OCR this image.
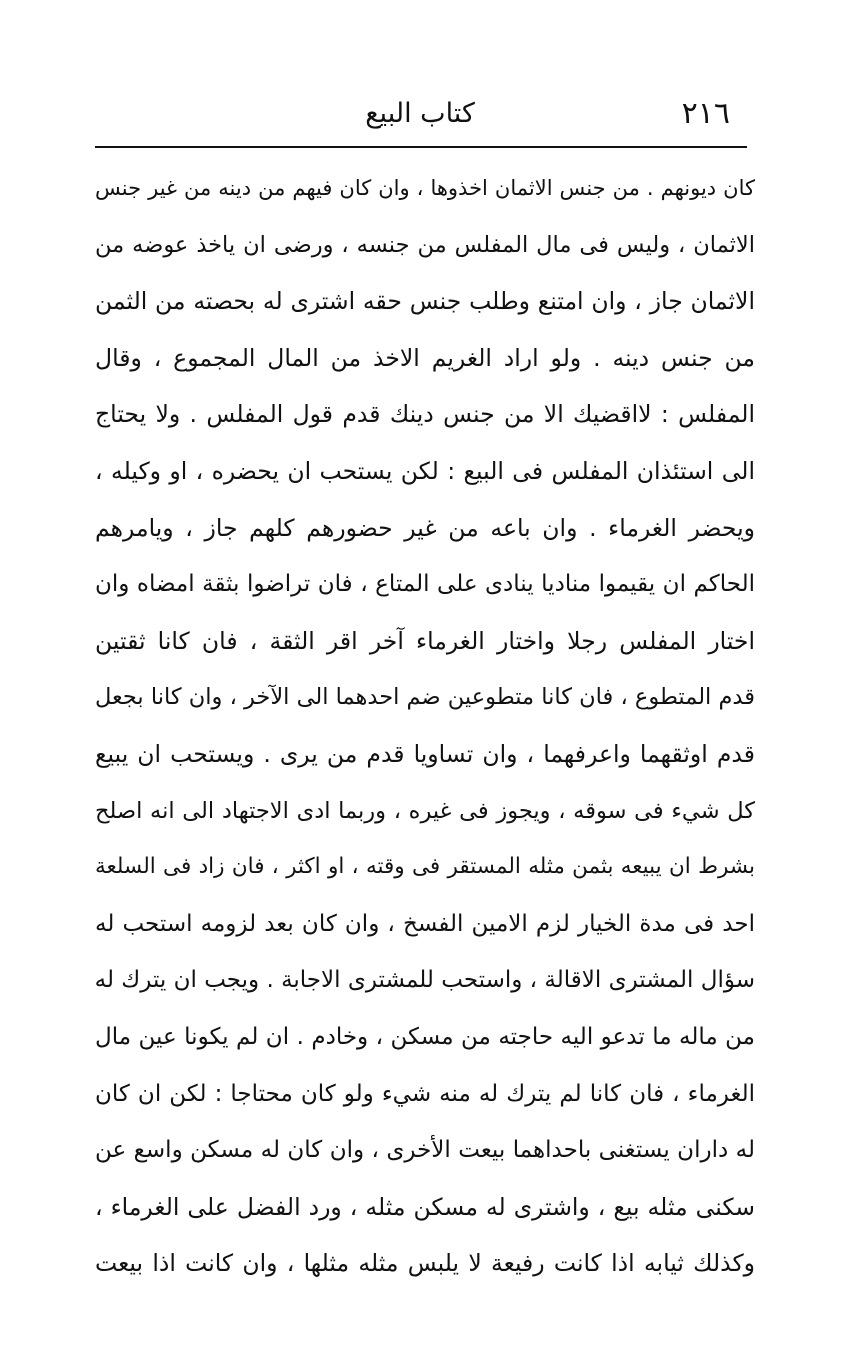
٢١٦
كتاب البيع
كان ديونهم . من جنس الاثمان اخذوها ، وان كان فيهم من دينه من غير جنس
الاثمان ، وليس فى مال المفلس من جنسه ، ورضى ان ياخذ عوضه من
الاثمان جاز ، وان امتنع وطلب جنس حقه اشترى له بحصته من الثمن
من جنس دينه . ولو اراد الغريم الاخذ من المال المجموع ، وقال
المفلس : لااقضيك الا من جنس دينك قدم قول المفلس . ولا يحتاج
الى استئذان المفلس فى البيع : لكن يستحب ان يحضره ، او وكيله ،
ويحضر الغرماء . وان باعه من غير حضورهم كلهم جاز ، ويامرهم
الحاكم ان يقيموا مناديا ينادى على المتاع ، فان تراضوا بثقة امضاه وان
اختار المفلس رجلا واختار الغرماء آخر اقر الثقة ، فان كانا ثقتين
قدم المتطوع ، فان كانا متطوعين ضم احدهما الى الآخر ، وان كانا بجعل
قدم اوثقهما واعرفهما ، وان تساويا قدم من يرى . ويستحب ان يبيع
كل شيء فى سوقه ، ويجوز فى غيره ، وربما ادى الاجتهاد الى انه اصلح
بشرط ان يبيعه بثمن مثله المستقر فى وقته ، او اكثر ، فان زاد فى السلعة
احد فى مدة الخيار لزم الامين الفسخ ، وان كان بعد لزومه استحب له
سؤال المشترى الاقالة ، واستحب للمشترى الاجابة . ويجب ان يترك له
من ماله ما تدعو اليه حاجته من مسكن ، وخادم . ان لم يكونا عين مال
الغرماء ، فان كانا لم يترك له منه شيء ولو كان محتاجا : لكن ان كان
له داران يستغنى باحداهما بيعت الأخرى ، وان كان له مسكن واسع عن
سكنى مثله بيع ، واشترى له مسكن مثله ، ورد الفضل على الغرماء ،
وكذلك ثيابه اذا كانت رفيعة لا يلبس مثله مثلها ، وان كانت اذا بيعت
